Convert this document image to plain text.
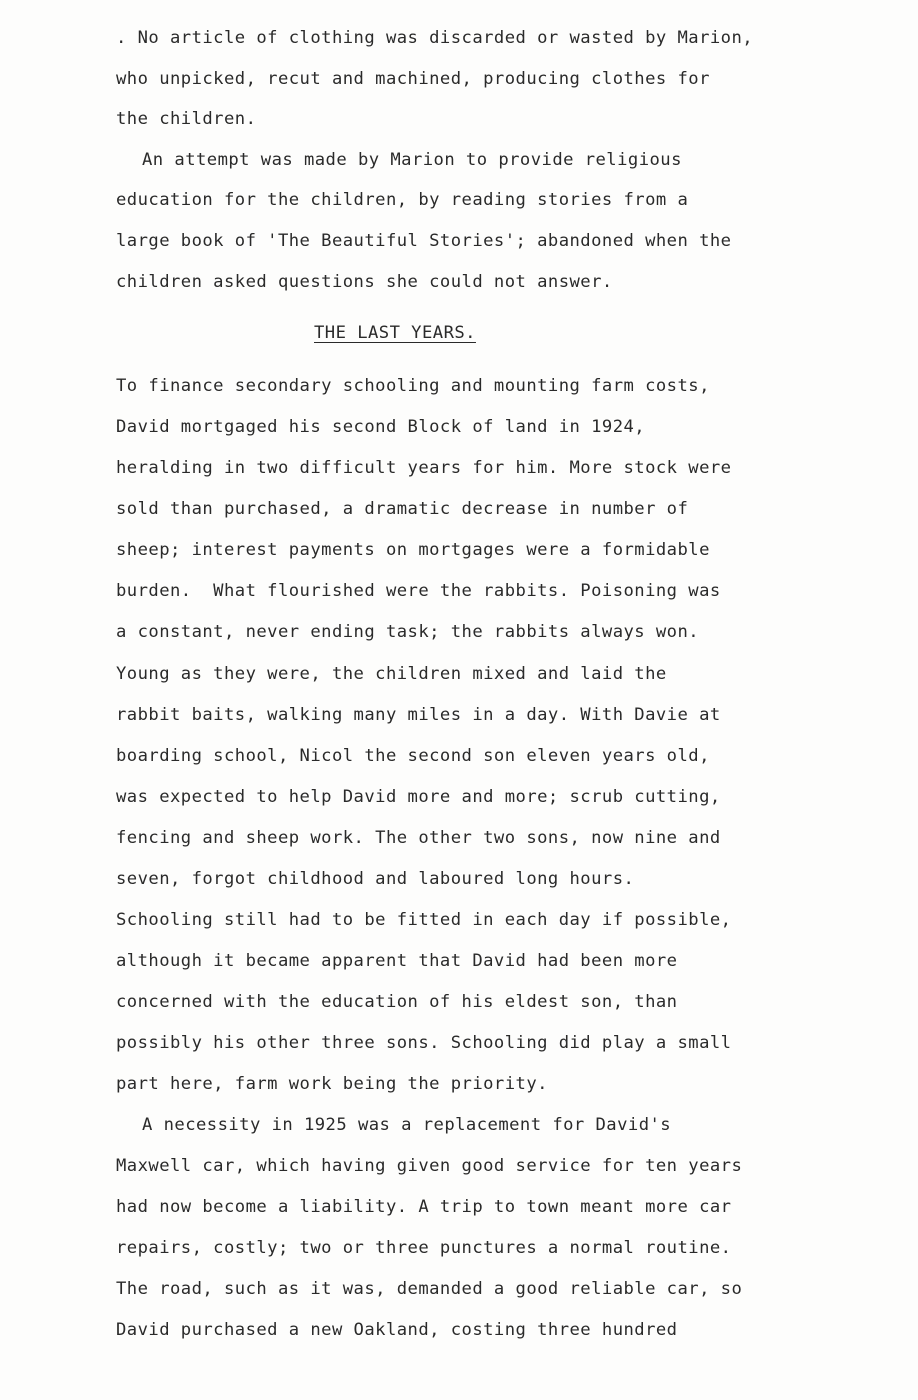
. No article of clothing was discarded or wasted by Marion,
who unpicked, recut and machined, producing clothes for
the children.
An attempt was made by Marion to provide religious
education for the children, by reading stories from a
large book of 'The Beautiful Stories'; abandoned when the
children asked questions she could not answer.
THE LAST YEARS.
To finance secondary schooling and mounting farm costs,
David mortgaged his second Block of land in 1924,
heralding in two difficult years for him. More stock were
sold than purchased, a dramatic decrease in number of
sheep; interest payments on mortgages were a formidable
burden.  What flourished were the rabbits. Poisoning was
a constant, never ending task; the rabbits always won.
Young as they were, the children mixed and laid the
rabbit baits, walking many miles in a day. With Davie at
boarding school, Nicol the second son eleven years old,
was expected to help David more and more; scrub cutting,
fencing and sheep work. The other two sons, now nine and
seven, forgot childhood and laboured long hours.
Schooling still had to be fitted in each day if possible,
although it became apparent that David had been more
concerned with the education of his eldest son, than
possibly his other three sons. Schooling did play a small
part here, farm work being the priority.
A necessity in 1925 was a replacement for David's
Maxwell car, which having given good service for ten years
had now become a liability. A trip to town meant more car
repairs, costly; two or three punctures a normal routine.
The road, such as it was, demanded a good reliable car, so
David purchased a new Oakland, costing three hundred
